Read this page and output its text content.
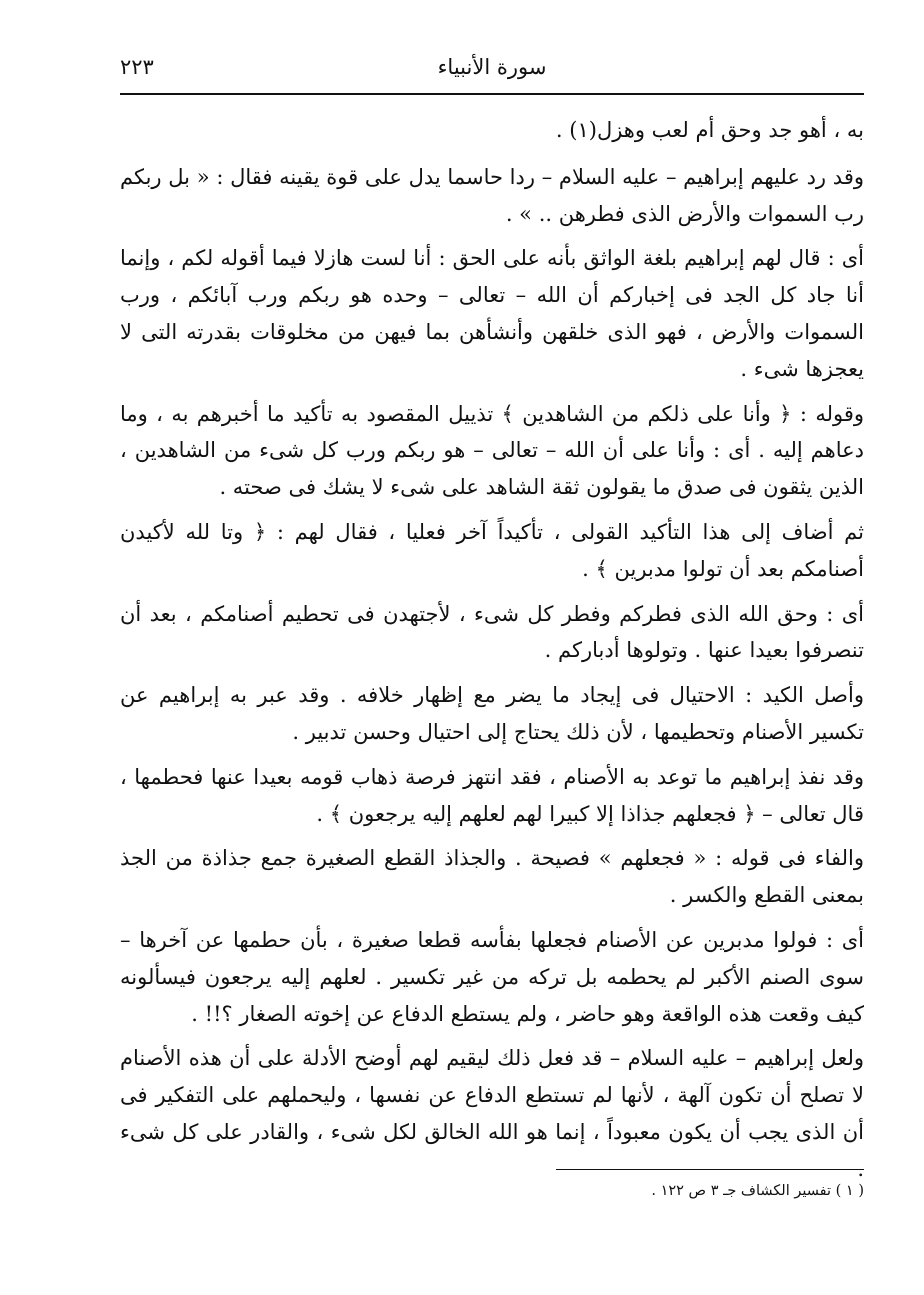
سورة الأنبياء
٢٢٣

به ، أهو جد وحق أم لعب وهزل(١) .

وقد رد عليهم إبراهيم – عليه السلام – ردا حاسما يدل على قوة يقينه فقال : « بل ربكم رب السموات والأرض الذى فطرهن .. » .

أى : قال لهم إبراهيم بلغة الواثق بأنه على الحق : أنا لست هازلا فيما أقوله لكم ، وإنما أنا جاد كل الجد فى إخباركم أن الله – تعالى – وحده هو ربكم ورب آبائكم ، ورب السموات والأرض ، فهو الذى خلقهن وأنشأهن بما فيهن من مخلوقات بقدرته التى لا يعجزها شىء .

وقوله : ﴿ وأنا على ذلكم من الشاهدين ﴾ تذييل المقصود به تأكيد ما أخبرهم به ، وما دعاهم إليه . أى : وأنا على أن الله – تعالى – هو ربكم ورب كل شىء من الشاهدين ، الذين يثقون فى صدق ما يقولون ثقة الشاهد على شىء لا يشك فى صحته .

ثم أضاف إلى هذا التأكيد القولى ، تأكيداً آخر فعليا ، فقال لهم : ﴿ وتا لله لأكيدن أصنامكم بعد أن تولوا مدبرين ﴾ .

أى : وحق الله الذى فطركم وفطر كل شىء ، لأجتهدن فى تحطيم أصنامكم ، بعد أن تنصرفوا بعيدا عنها . وتولوها أدباركم .

وأصل الكيد : الاحتيال فى إيجاد ما يضر مع إظهار خلافه . وقد عبر به إبراهيم عن تكسير الأصنام وتحطيمها ، لأن ذلك يحتاج إلى احتيال وحسن تدبير .

وقد نفذ إبراهيم ما توعد به الأصنام ، فقد انتهز فرصة ذهاب قومه بعيدا عنها فحطمها ، قال تعالى – ﴿ فجعلهم جذاذا إلا كبيرا لهم لعلهم إليه يرجعون ﴾ .

والفاء فى قوله : « فجعلهم » فصيحة . والجذاذ القطع الصغيرة جمع جذاذة من الجذ بمعنى القطع والكسر .

أى : فولوا مدبرين عن الأصنام فجعلها بفأسه قطعا صغيرة ، بأن حطمها عن آخرها – سوى الصنم الأكبر لم يحطمه بل تركه من غير تكسير . لعلهم إليه يرجعون فيسألونه كيف وقعت هذه الواقعة وهو حاضر ، ولم يستطع الدفاع عن إخوته الصغار ؟!! .

ولعل إبراهيم – عليه السلام – قد فعل ذلك ليقيم لهم أوضح الأدلة على أن هذه الأصنام لا تصلح أن تكون آلهة ، لأنها لم تستطع الدفاع عن نفسها ، وليحملهم على التفكير فى أن الذى يجب أن يكون معبوداً ، إنما هو الله الخالق لكل شىء ، والقادر على كل شىء .

( ١ ) تفسير الكشاف جـ ٣ ص ١٢٢ .
